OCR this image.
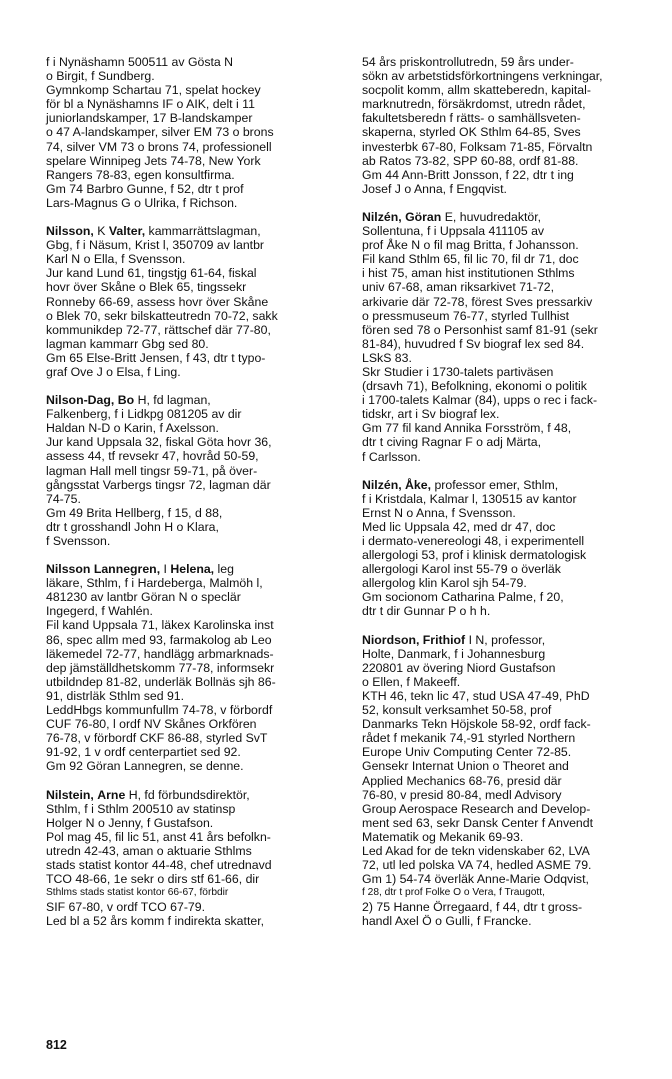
f i Nynäshamn 500511 av Gösta N

o Birgit, f Sundberg.

Gymnkomp Schartau 71, spelat hockey

för bl a Nynäshamns IF o AIK, delt i 11

juniorlandskamper, 17 B-landskamper

o 47 A-landskamper, silver EM 73 o brons

74, silver VM 73 o brons 74, professionell

spelare Winnipeg Jets 74-78, New York

Rangers 78-83, egen konsultfirma.

Gm 74 Barbro Gunne, f 52, dtr t prof

Lars-Magnus G o Ulrika, f Richson.

Nilsson, K Valter, kammarrättslagman,

Gbg, f i Näsum, Krist l, 350709 av lantbr

Karl N o Ella, f Svensson.

Jur kand Lund 61, tingstjg 61-64, fiskal

hovr över Skåne o Blek 65, tingssekr

Ronneby 66-69, assess hovr över Skåne

o Blek 70, sekr bilskatteutredn 70-72, sakk

kommunikdep 72-77, rättschef där 77-80,

lagman kammarr Gbg sed 80.

Gm 65 Else-Britt Jensen, f 43, dtr t typo-

graf Ove J o Elsa, f Ling.

Nilson-Dag, Bo H, fd lagman,

Falkenberg, f i Lidkpg 081205 av dir

Haldan N-D o Karin, f Axelsson.

Jur kand Uppsala 32, fiskal Göta hovr 36,

assess 44, tf revsekr 47, hovråd 50-59,

lagman Hall mell tingsr 59-71, på över-

gångsstat Varbergs tingsr 72, lagman där

74-75.

Gm 49 Brita Hellberg, f 15, d 88,

dtr t grosshandl John H o Klara,

f Svensson.

Nilsson Lannegren, I Helena, leg

läkare, Sthlm, f i Hardeberga, Malmöh l,

481230 av lantbr Göran N o speclär

Ingegerd, f Wahlén.

Fil kand Uppsala 71, läkex Karolinska inst

86, spec allm med 93, farmakolog ab Leo

läkemedel 72-77, handlägg arbmarknads-

dep jämställdhetskomm 77-78, informsekr

utbildndep 81-82, underläk Bollnäs sjh 86-

91, distrläk Sthlm sed 91.

LeddHbgs kommunfullm 74-78, v förbordf

CUF 76-80, l ordf NV Skånes Orkfören

76-78, v förbordf CKF 86-88, styrled SvT

91-92, 1 v ordf centerpartiet sed 92.

Gm 92 Göran Lannegren, se denne.

Nilstein, Arne H, fd förbundsdirektör,

Sthlm, f i Sthlm 200510 av statinsp

Holger N o Jenny, f Gustafson.

Pol mag 45, fil lic 51, anst 41 års befolkn-

utredn 42-43, aman o aktuarie Sthlms

stads statist kontor 44-48, chef utrednavd

TCO 48-66, 1e sekr o dirs stf 61-66, dir

Sthlms stads statist kontor 66-67, förbdir

SIF 67-80, v ordf TCO 67-79.

Led bl a 52 års komm f indirekta skatter,

54 års priskontrollutredn, 59 års under-

sökn av arbetstidsförkortningens verkningar,

socpolit komm, allm skatteberedn, kapital-

marknutredn, försäkrdomst, utredn rådet,

fakultetsberedn f rätts- o samhällsveten-

skaperna, styrled OK Sthlm 64-85, Sves

investerbk 67-80, Folksam 71-85, Förvaltn

ab Ratos 73-82, SPP 60-88, ordf 81-88.

Gm 44 Ann-Britt Jonsson, f 22, dtr t ing

Josef J o Anna, f Engqvist.

Nilzén, Göran E, huvudredaktör,

Sollentuna, f i Uppsala 411105 av

prof Åke N o fil mag Britta, f Johansson.

Fil kand Sthlm 65, fil lic 70, fil dr 71, doc

i hist 75, aman hist institutionen Sthlms

univ 67-68, aman riksarkivet 71-72,

arkivarie där 72-78, förest Sves pressarkiv

o pressmuseum 76-77, styrled Tullhist

fören sed 78 o Personhist samf 81-91 (sekr

81-84), huvudred f Sv biograf lex sed 84.

LSkS 83.

Skr Studier i 1730-talets partiväsen

(drsavh 71), Befolkning, ekonomi o politik

i 1700-talets Kalmar (84), upps o rec i fack-

tidskr, art i Sv biograf lex.

Gm 77 fil kand Annika Forsström, f 48,

dtr t civing Ragnar F o adj Märta,

f Carlsson.

Nilzén, Åke, professor emer, Sthlm,

f i Kristdala, Kalmar l, 130515 av kantor

Ernst N o Anna, f Svensson.

Med lic Uppsala 42, med dr 47, doc

i dermato-venereologi 48, i experimentell

allergologi 53, prof i klinisk dermatologisk

allergologi Karol inst 55-79 o överläk

allergolog klin Karol sjh 54-79.

Gm socionom Catharina Palme, f 20,

dtr t dir Gunnar P o h h.

Niordson, Frithiof I N, professor,

Holte, Danmark, f i Johannesburg

220801 av övering Niord Gustafson

o Ellen, f Makeeff.

KTH 46, tekn lic 47, stud USA 47-49, PhD

52, konsult verksamhet 50-58, prof

Danmarks Tekn Höjskole 58-92, ordf fack-

rådet f mekanik 74,-91 styrled Northern

Europe Univ Computing Center 72-85.

Gensekr Internat Union o Theoret and

Applied Mechanics 68-76, presid där

76-80, v presid 80-84, medl Advisory

Group Aerospace Research and Develop-

ment sed 63, sekr Dansk Center f Anvendt

Matematik og Mekanik 69-93.

Led Akad for de tekn videnskaber 62, LVA

72, utl led polska VA 74, hedled ASME 79.

Gm 1) 54-74 överläk Anne-Marie Odqvist,

f 28, dtr t prof Folke O o Vera, f Traugott,

2) 75 Hanne Örregaard, f 44, dtr t gross-

handl Axel Ö o Gulli, f Francke.

812
